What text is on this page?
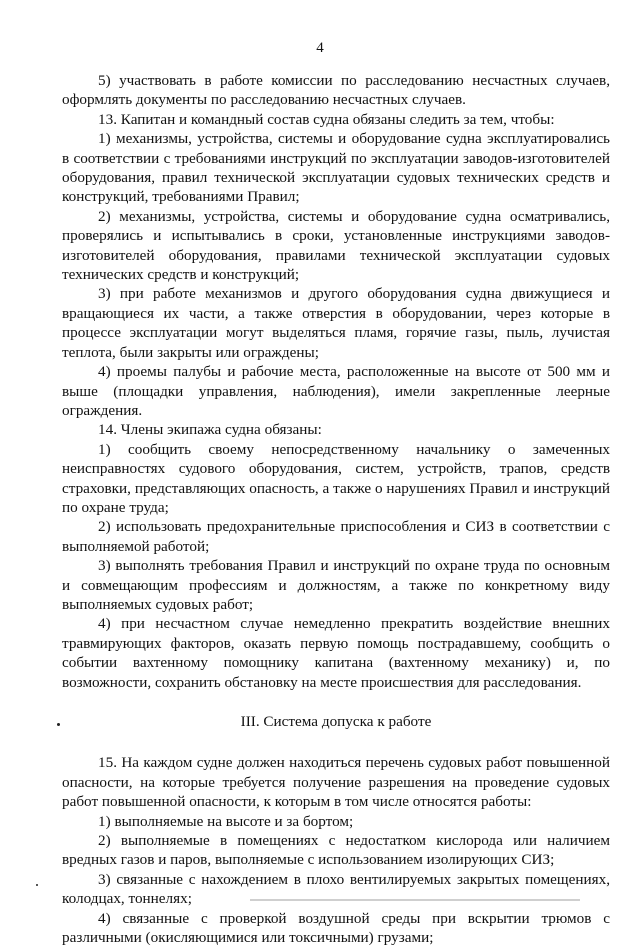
4

5) участвовать в работе комиссии по расследованию несчастных случаев, оформлять документы по расследованию несчастных случаев.

13. Капитан и командный состав судна обязаны следить за тем, чтобы:

1) механизмы, устройства, системы и оборудование судна эксплуатировались в соответствии с требованиями инструкций по эксплуатации заводов-изготовителей оборудования, правил технической эксплуатации судовых технических средств и конструкций, требованиями Правил;

2) механизмы, устройства, системы и оборудование судна осматривались, проверялись и испытывались в сроки, установленные инструкциями заводов-изготовителей оборудования, правилами технической эксплуатации судовых технических средств и конструкций;

3) при работе механизмов и другого оборудования судна движущиеся и вращающиеся их части, а также отверстия в оборудовании, через которые в процессе эксплуатации могут выделяться пламя, горячие газы, пыль, лучистая теплота, были закрыты или ограждены;

4) проемы палубы и рабочие места, расположенные на высоте от 500 мм и выше (площадки управления, наблюдения), имели закрепленные леерные ограждения.

14. Члены экипажа судна обязаны:

1) сообщить своему непосредственному начальнику о замеченных неисправностях судового оборудования, систем, устройств, трапов, средств страховки, представляющих опасность, а также о нарушениях Правил и инструкций по охране труда;

2) использовать предохранительные приспособления и СИЗ в соответствии с выполняемой работой;

3) выполнять требования Правил и инструкций по охране труда по основным и совмещающим профессиям и должностям, а также по конкретному виду выполняемых судовых работ;

4) при несчастном случае немедленно прекратить воздействие внешних травмирующих факторов, оказать первую помощь пострадавшему, сообщить о событии вахтенному помощнику капитана (вахтенному механику) и, по возможности, сохранить обстановку на месте происшествия для расследования.

III. Система допуска к работе

15. На каждом судне должен находиться перечень судовых работ повышенной опасности, на которые требуется получение разрешения на проведение судовых работ повышенной опасности, к которым в том числе относятся работы:

1) выполняемые на высоте и за бортом;

2) выполняемые в помещениях с недостатком кислорода или наличием вредных газов и паров, выполняемые с использованием изолирующих СИЗ;

3) связанные с нахождением в плохо вентилируемых закрытых помещениях, колодцах, тоннелях;

4) связанные с проверкой воздушной среды при вскрытии трюмов с различными (окисляющимися или токсичными) грузами;
